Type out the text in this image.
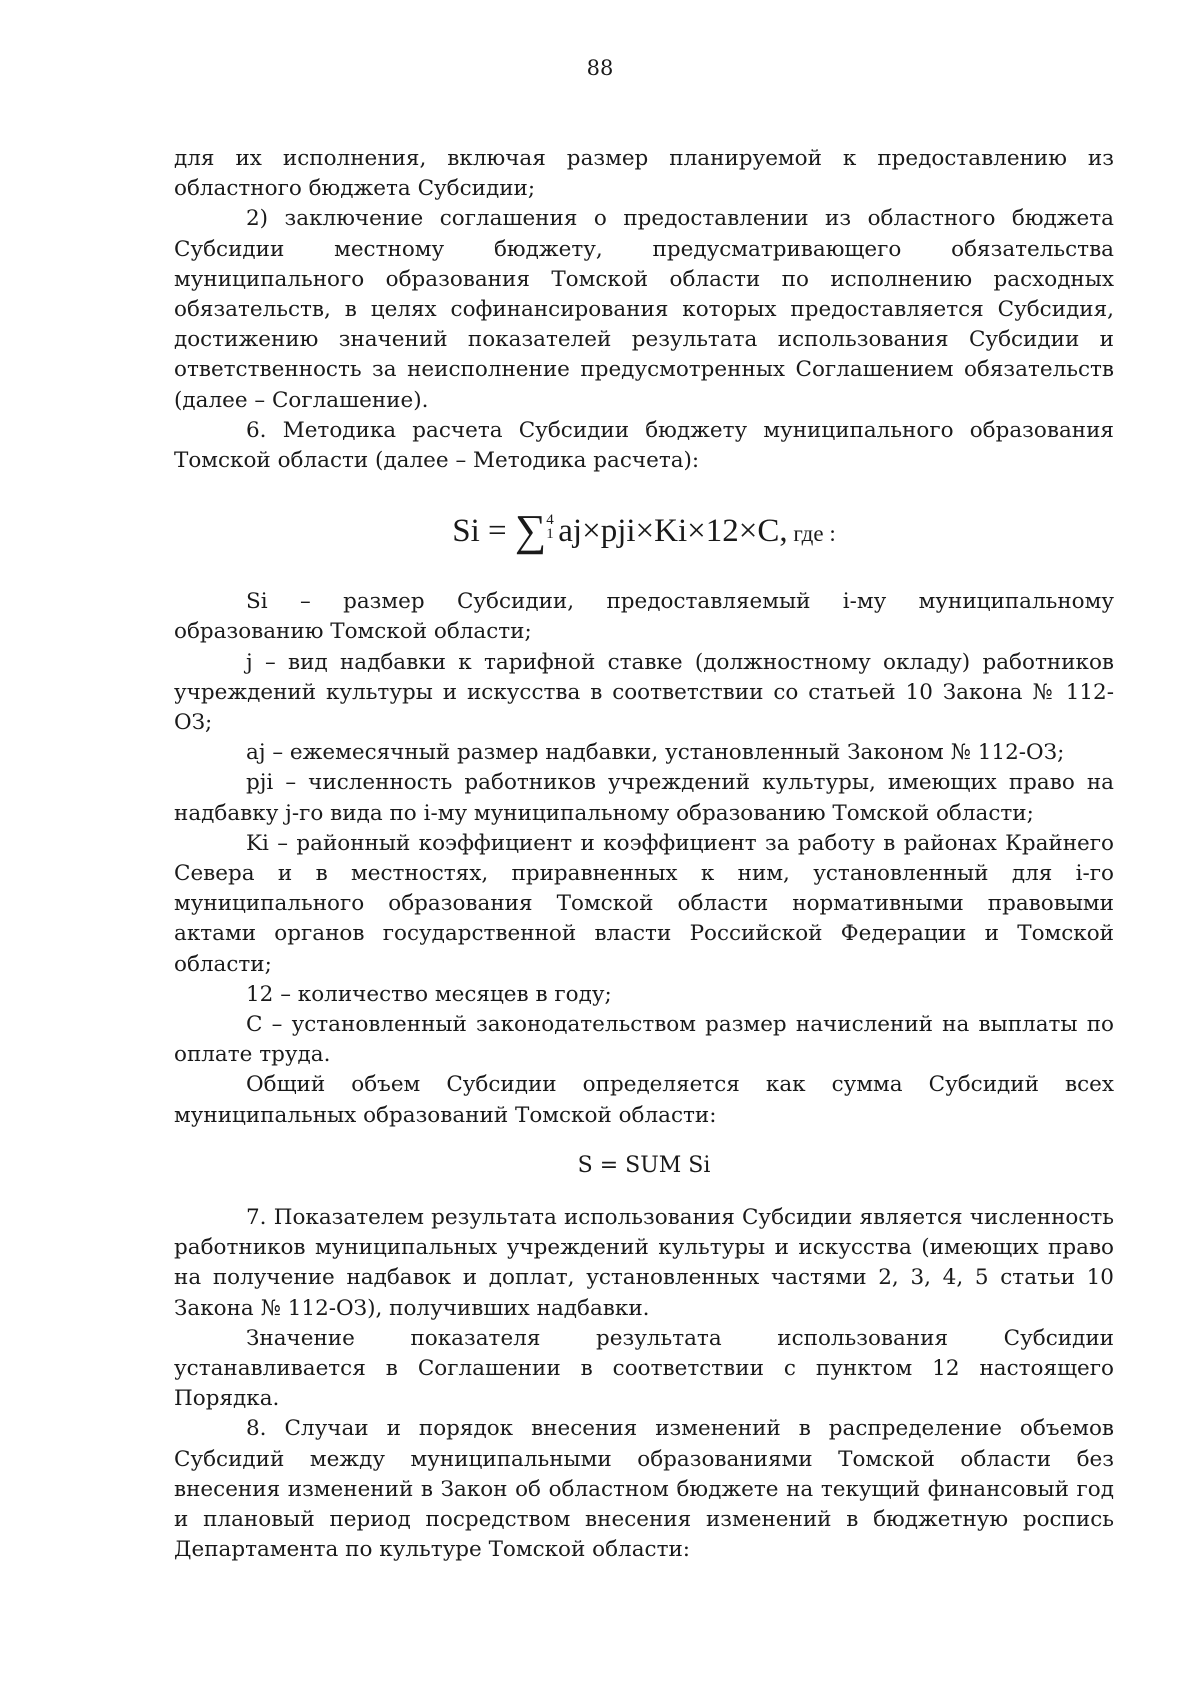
88

для их исполнения, включая размер планируемой к предоставлению из областного бюджета Субсидии;

2) заключение соглашения о предоставлении из областного бюджета Субсидии местному бюджету, предусматривающего обязательства муниципального образования Томской области по исполнению расходных обязательств, в целях софинансирования которых предоставляется Субсидия, достижению значений показателей результата использования Субсидии и ответственность за неисполнение предусмотренных Соглашением обязательств (далее – Соглашение).

6. Методика расчета Субсидии бюджету муниципального образования Томской области (далее – Методика расчета):

Si = ∑ 4
1 aj×pji×Ki×12×C, где :

Si – размер Субсидии, предоставляемый i-му муниципальному образованию Томской области;

j – вид надбавки к тарифной ставке (должностному окладу) работников учреждений культуры и искусства в соответствии со статьей 10 Закона № 112-ОЗ;

aj – ежемесячный размер надбавки, установленный Законом № 112-ОЗ;

pji – численность работников учреждений культуры, имеющих право на надбавку j-го вида по i-му муниципальному образованию Томской области;

Ki – районный коэффициент и коэффициент за работу в районах Крайнего Севера и в местностях, приравненных к ним, установленный для i-го муниципального образования Томской области нормативными правовыми актами органов государственной власти Российской Федерации и Томской области;

12 – количество месяцев в году;

C – установленный законодательством размер начислений на выплаты по оплате труда.

Общий объем Субсидии определяется как сумма Субсидий всех муниципальных образований Томской области:

S = SUM Si

7. Показателем результата использования Субсидии является численность работников муниципальных учреждений культуры и искусства (имеющих право на получение надбавок и доплат, установленных частями 2, 3, 4, 5 статьи 10 Закона № 112-ОЗ), получивших надбавки.

Значение показателя результата использования Субсидии устанавливается в Соглашении в соответствии с пунктом 12 настоящего Порядка.

8. Случаи и порядок внесения изменений в распределение объемов Субсидий между муниципальными образованиями Томской области без внесения изменений в Закон об областном бюджете на текущий финансовый год и плановый период посредством внесения изменений в бюджетную роспись Департамента по культуре Томской области:
